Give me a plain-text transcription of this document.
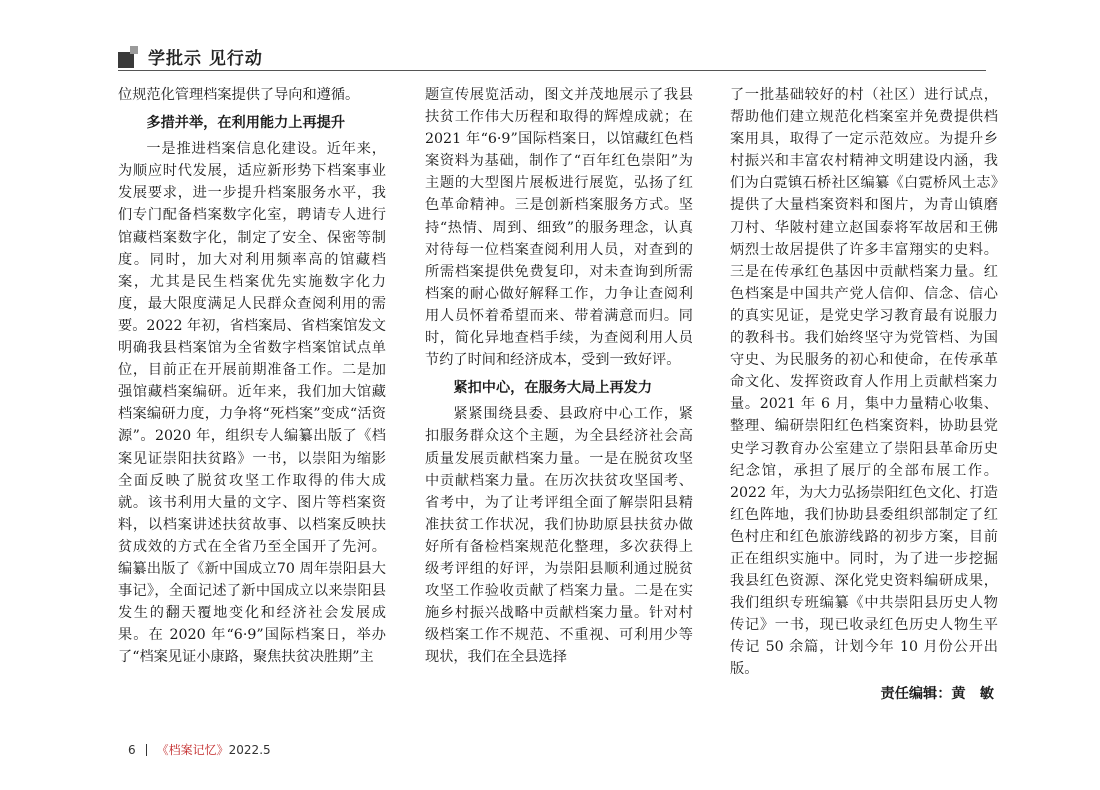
学批示 见行动

位规范化管理档案提供了导向和遵循。

多措并举，在利用能力上再提升

一是推进档案信息化建设。近年来，为顺应时代发展，适应新形势下档案事业发展要求，进一步提升档案服务水平，我们专门配备档案数字化室，聘请专人进行馆藏档案数字化，制定了安全、保密等制度。同时，加大对利用频率高的馆藏档案，尤其是民生档案优先实施数字化力度，最大限度满足人民群众查阅利用的需要。2022 年初，省档案局、省档案馆发文明确我县档案馆为全省数字档案馆试点单位，目前正在开展前期准备工作。二是加强馆藏档案编研。近年来，我们加大馆藏档案编研力度，力争将“死档案”变成“活资源”。2020 年，组织专人编纂出版了《档案见证崇阳扶贫路》一书，以崇阳为缩影全面反映了脱贫攻坚工作取得的伟大成就。该书利用大量的文字、图片等档案资料，以档案讲述扶贫故事、以档案反映扶贫成效的方式在全省乃至全国开了先河。编纂出版了《新中国成立70 周年崇阳县大事记》，全面记述了新中国成立以来崇阳县发生的翻天覆地变化和经济社会发展成果。在 2020 年“6·9”国际档案日，举办了“档案见证小康路，聚焦扶贫决胜期”主

题宣传展览活动，图文并茂地展示了我县扶贫工作伟大历程和取得的辉煌成就；在 2021 年“6·9”国际档案日，以馆藏红色档案资料为基础，制作了“百年红色崇阳”为主题的大型图片展板进行展览，弘扬了红色革命精神。三是创新档案服务方式。坚持“热情、周到、细致”的服务理念，认真对待每一位档案查阅利用人员，对查到的所需档案提供免费复印，对未查询到所需档案的耐心做好解释工作，力争让查阅利用人员怀着希望而来、带着满意而归。同时，简化异地查档手续，为查阅利用人员节约了时间和经济成本，受到一致好评。

紧扣中心，在服务大局上再发力

紧紧围绕县委、县政府中心工作，紧扣服务群众这个主题，为全县经济社会高质量发展贡献档案力量。一是在脱贫攻坚中贡献档案力量。在历次扶贫攻坚国考、省考中，为了让考评组全面了解崇阳县精准扶贫工作状况，我们协助原县扶贫办做好所有备检档案规范化整理，多次获得上级考评组的好评，为崇阳县顺利通过脱贫攻坚工作验收贡献了档案力量。二是在实施乡村振兴战略中贡献档案力量。针对村级档案工作不规范、不重视、可利用少等现状，我们在全县选择

了一批基础较好的村（社区）进行试点，帮助他们建立规范化档案室并免费提供档案用具，取得了一定示范效应。为提升乡村振兴和丰富农村精神文明建设内涵，我们为白霓镇石桥社区编纂《白霓桥风土志》提供了大量档案资料和图片，为青山镇磨刀村、华陂村建立赵国泰将军故居和王佛炳烈士故居提供了许多丰富翔实的史料。三是在传承红色基因中贡献档案力量。红色档案是中国共产党人信仰、信念、信心的真实见证，是党史学习教育最有说服力的教科书。我们始终坚守为党管档、为国守史、为民服务的初心和使命，在传承革命文化、发挥资政育人作用上贡献档案力量。2021 年 6 月，集中力量精心收集、整理、编研崇阳红色档案资料，协助县党史学习教育办公室建立了崇阳县革命历史纪念馆，承担了展厅的全部布展工作。2022 年，为大力弘扬崇阳红色文化、打造红色阵地，我们协助县委组织部制定了红色村庄和红色旅游线路的初步方案，目前正在组织实施中。同时，为了进一步挖掘我县红色资源、深化党史资料编研成果，我们组织专班编纂《中共崇阳县历史人物传记》一书，现已收录红色历史人物生平传记 50 余篇，计划今年 10 月份公开出版。

责任编辑：黄　敏
6 《档案记忆》2022.5
